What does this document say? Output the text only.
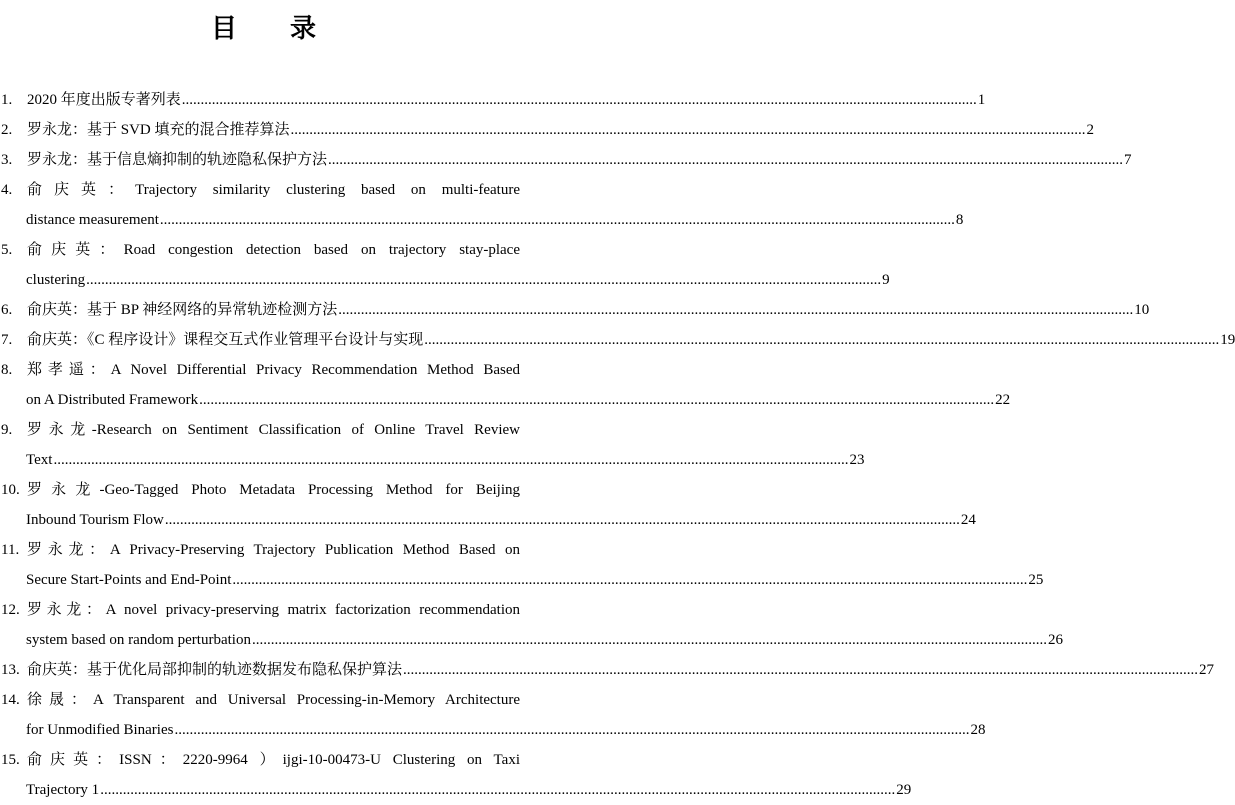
目 录
1. 2020 年度出版专著列表 .....	1
2. 罗永龙：基于 SVD 填充的混合推荐算法 .....	2
3. 罗永龙：基于信息熵抑制的轨迹隐私保护方法 .....	7
4. 俞庆英：Trajectory similarity clustering based on multi-feature
distance measurement .....	8
5. 俞庆英：Road congestion detection based on trajectory stay-place
clustering .....	9
6. 俞庆英：基于 BP 神经网络的异常轨迹检测方法 .....	10
7. 俞庆英：《C 程序设计》课程交互式作业管理平台设计与实现 .....	19
8. 郑孝遥：A Novel Differential Privacy Recommendation Method Based
on A Distributed Framework .....	22
9. 罗永龙-Research on Sentiment Classification of Online Travel Review
Text .....	23
10. 罗永龙-Geo-Tagged Photo Metadata Processing Method for Beijing
Inbound Tourism Flow .....	24
11. 罗永龙：A Privacy-Preserving Trajectory Publication Method Based on
Secure Start-Points and End-Point .....	25
12. 罗永龙：A novel privacy-preserving matrix factorization recommendation
system based on random perturbation .....	26
13. 俞庆英：基于优化局部抑制的轨迹数据发布隐私保护算法 .....	27
14. 徐晟：A Transparent and Universal Processing-in-Memory Architecture
for Unmodified Binaries .....	28
15. 俞庆英：ISSN：2220-9964 ）ijgi-10-00473-U Clustering on Taxi
Trajectory 1 .....	29
